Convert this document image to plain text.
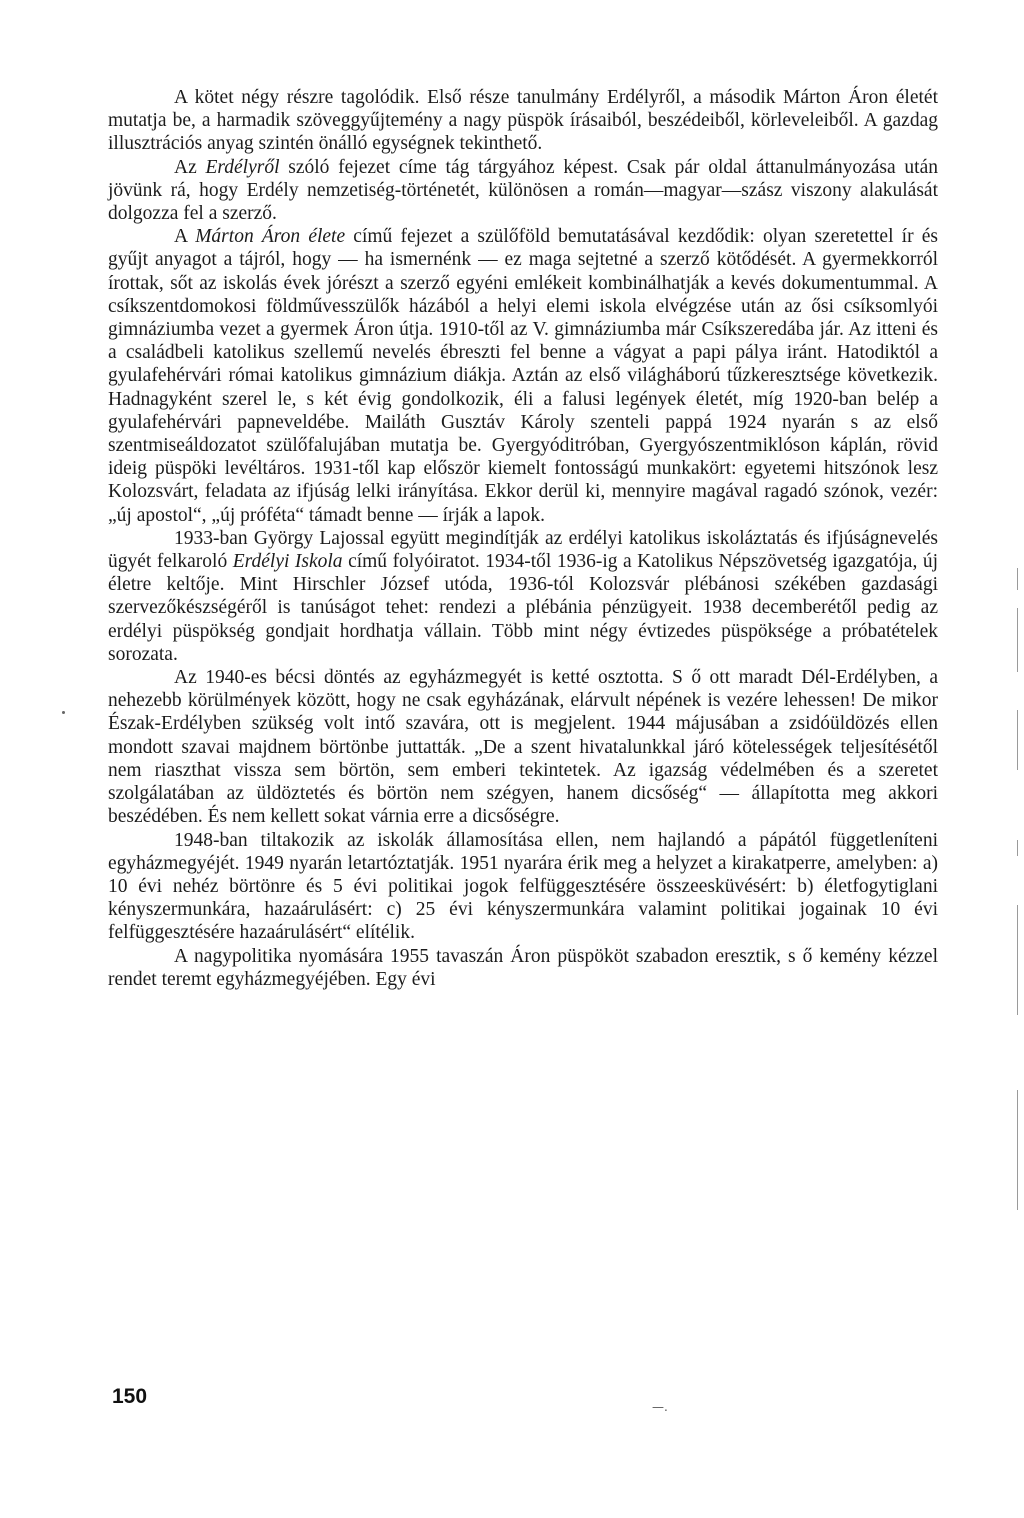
A kötet négy részre tagolódik. Első része tanulmány Erdélyről, a második Márton Áron életét mutatja be, a harmadik szöveggyűjtemény a nagy püspök írásaiból, beszédeiből, körleveleiből. A gazdag illusztrációs anyag szintén önálló egységnek tekinthető.

Az Erdélyről szóló fejezet címe tág tárgyához képest. Csak pár oldal áttanulmányozása után jövünk rá, hogy Erdély nemzetiség-történetét, különösen a román—magyar—szász viszony alakulását dolgozza fel a szerző.

A Márton Áron élete című fejezet a szülőföld bemutatásával kezdődik: olyan szeretettel ír és gyűjt anyagot a tájról, hogy — ha ismernénk — ez maga sejtetné a szerző kötődését. A gyermekkorról írottak, sőt az iskolás évek jórészt a szerző egyéni emlékeit kombinálhatják a kevés dokumentummal. A csíkszentdomokosi földművesszülők házából a helyi elemi iskola elvégzése után az ősi csíksomlyói gimnáziumba vezet a gyermek Áron útja. 1910-től az V. gimnáziumba már Csíkszeredába jár. Az itteni és a családbeli katolikus szellemű nevelés ébreszti fel benne a vágyat a papi pálya iránt. Hatodiktól a gyulafehérvári római katolikus gimnázium diákja. Aztán az első világháború tűzkeresztsége következik. Hadnagyként szerel le, s két évig gondolkozik, éli a falusi legények életét, míg 1920-ban belép a gyulafehérvári papneveldébe. Mailáth Gusztáv Károly szenteli pappá 1924 nyarán s az első szentmiseáldozatot szülőfalujában mutatja be. Gyergyóditróban, Gyergyószentmiklóson káplán, rövid ideig püspöki levéltáros. 1931-től kap először kiemelt fontosságú munkakört: egyetemi hitszónok lesz Kolozsvárt, feladata az ifjúság lelki irányítása. Ekkor derül ki, mennyire magával ragadó szónok, vezér: „új apostol“, „új próféta“ támadt benne — írják a lapok.

1933-ban György Lajossal együtt megindítják az erdélyi katolikus iskoláztatás és ifjúságnevelés ügyét felkaroló Erdélyi Iskola című folyóiratot. 1934-től 1936-ig a Katolikus Népszövetség igazgatója, új életre keltője. Mint Hirschler József utóda, 1936-tól Kolozsvár plébánosi székében gazdasági szervezőkészségéről is tanúságot tehet: rendezi a plébánia pénzügyeit. 1938 decemberétől pedig az erdélyi püspökség gondjait hordhatja vállain. Több mint négy évtizedes püspöksége a próbatételek sorozata.

Az 1940-es bécsi döntés az egyházmegyét is ketté osztotta. S ő ott maradt Dél-Erdélyben, a nehezebb körülmények között, hogy ne csak egyházának, elárvult népének is vezére lehessen! De mikor Észak-Erdélyben szükség volt intő szavára, ott is megjelent. 1944 májusában a zsidóüldözés ellen mondott szavai majdnem börtönbe juttatták. „De a szent hivatalunkkal járó kötelességek teljesítésétől nem riaszthat vissza sem börtön, sem emberi tekintetek. Az igazság védelmében és a szeretet szolgálatában az üldöztetés és börtön nem szégyen, hanem dicsőség“ — állapította meg akkori beszédében. És nem kellett sokat várnia erre a dicsőségre.

1948-ban tiltakozik az iskolák államosítása ellen, nem hajlandó a pápától függetleníteni egyházmegyéjét. 1949 nyarán letartóztatják. 1951 nyarára érik meg a helyzet a kirakatperre, amelyben: a) 10 évi nehéz börtönre és 5 évi politikai jogok felfüggesztésére összeesküvésért: b) életfogytiglani kényszermunkára, hazaárulásért: c) 25 évi kényszermunkára valamint politikai jogainak 10 évi felfüggesztésére hazaárulásért“ elítélik.

A nagypolitika nyomására 1955 tavaszán Áron püspököt szabadon eresztik, s ő kemény kézzel rendet teremt egyházmegyéjében. Egy évi

150	—.
